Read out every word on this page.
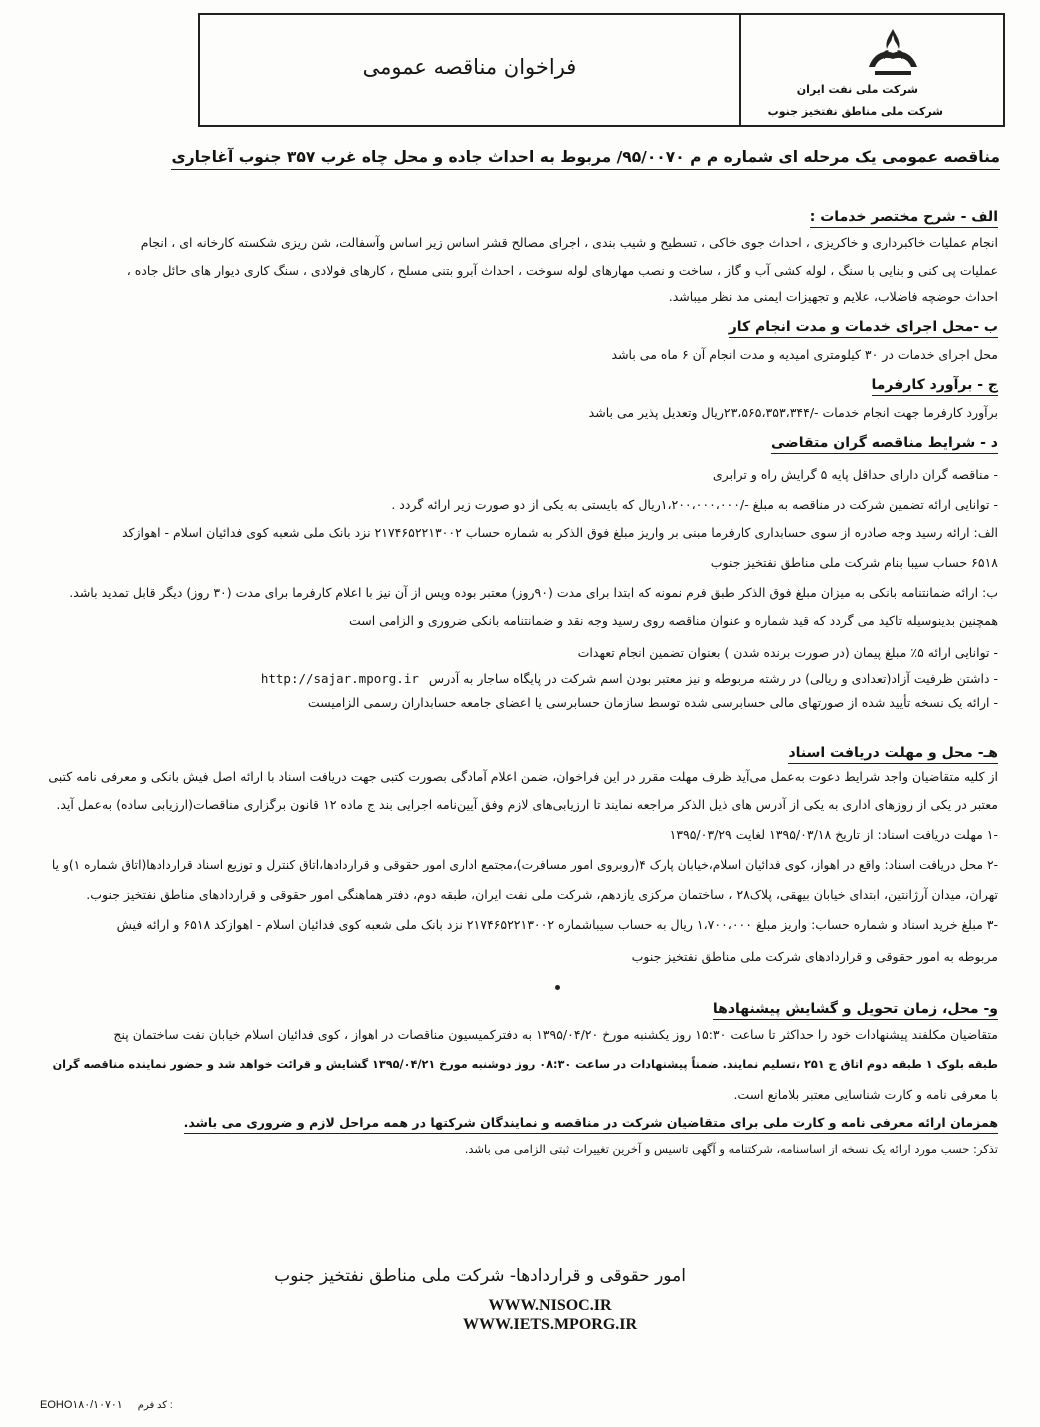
شرکت ملی نفت ایران
شرکت ملی مناطق نفتخیز جنوب
فراخوان مناقصه عمومی
مناقصه عمومی یک مرحله ای شماره م م ۹۵/۰۰۷۰/ مربوط به احداث جاده و محل چاه غرب ۳۵۷ جنوب آغاجاری
الف - شرح مختصر خدمات :
انجام عملیات خاکبرداری و خاکریزی ، احداث جوی خاکی ، تسطیح و شیب بندی ، اجرای مصالح قشر اساس زیر اساس وآسفالت، شن ریزی شکسته کارخانه ای ، انجام
عملیات پی کنی و بنایی با سنگ ، لوله کشی آب و گاز ، ساخت و نصب مهارهای لوله سوخت ، احداث آبرو بتنی مسلح ، کارهای فولادی ، سنگ کاری دیوار های حائل جاده ،
احداث حوضچه فاضلاب، علایم و تجهیزات ایمنی مد نظر میباشد.
ب -محل اجرای خدمات و مدت انجام کار
محل اجرای خدمات در ۳۰ کیلومتری امیدیه و مدت انجام آن ۶ ماه می باشد
ج - برآورد کارفرما
برآورد کارفرما جهت انجام خدمات -/۲۳،۵۶۵،۳۵۳،۳۴۴ریال وتعدیل پذیر می باشد
د - شرایط مناقصه گران متقاضی
- مناقصه گران دارای حداقل پایه ۵ گرایش راه و ترابری
- توانایی ارائه تضمین شرکت در مناقصه به مبلغ -/۱،۲۰۰،۰۰۰،۰۰۰ریال که بایستی به یکی از دو صورت زیر ارائه گردد .
الف: ارائه رسید وجه صادره از سوی حسابداری کارفرما مبنی بر واریز مبلغ فوق الذکر به شماره حساب ۲۱۷۴۶۵۲۲۱۳۰۰۲ نزد بانک ملی شعبه کوی فدائیان اسلام - اهوازکد
۶۵۱۸ حساب سیبا بنام شرکت ملی مناطق نفتخیز جنوب
ب: ارائه ضمانتنامه بانکی به میزان مبلغ فوق الذکر طبق فرم نمونه که ابتدا برای مدت (۹۰روز) معتبر بوده وپس از آن نیز با اعلام کارفرما برای مدت (۳۰ روز) دیگر قابل تمدید باشد.
همچنین بدینوسیله تاکید می گردد که قید شماره و عنوان مناقصه روی رسید وجه نقد و ضمانتنامه بانکی ضروری و الزامی است
- توانایی ارائه ۵٪ مبلغ پیمان (در صورت برنده شدن ) بعنوان تضمین انجام تعهدات
- داشتن ظرفیت آزاد(تعدادی و ریالی) در رشته مربوطه و نیز معتبر بودن اسم شرکت در پایگاه ساجار به آدرس http://sajar.mporg.ir
- ارائه یک نسخه تأیید شده از صورتهای مالی حسابرسی شده توسط سازمان حسابرسی یا اعضای جامعه حسابداران رسمی الزامیست
هـ- محل و مهلت دریافت اسناد
از کلیه متقاضیان واجد شرایط دعوت به‌عمل می‌آید ظرف مهلت مقرر در این فراخوان، ضمن اعلام آمادگی بصورت کتبی جهت دریافت اسناد با ارائه اصل فیش بانکی و معرفی نامه کتبی
معتبر در یکی از روزهای اداری به یکی از آدرس های ذیل الذکر مراجعه نمایند تا ارزیابی‌های لازم وفق آیین‌نامه اجرایی بند ج ماده ۱۲ قانون برگزاری مناقصات(ارزیابی ساده) به‌عمل آید.
-۱ مهلت دریافت اسناد: از تاریخ ۱۳۹۵/۰۳/۱۸ لغایت ۱۳۹۵/۰۳/۲۹
-۲ محل دریافت اسناد: واقع در اهواز، کوی فدائیان اسلام،خیابان پارک ۴(روبروی امور مسافرت)،مجتمع اداری امور حقوقی و قراردادها،اتاق کنترل و توزیع اسناد قراردادها(اتاق شماره ۱)و یا
تهران، میدان آرژانتین، ابتدای خیابان بیهقی، پلاک۲۸ ، ساختمان مرکزی یازدهم، شرکت ملی نفت ایران، طبقه دوم، دفتر هماهنگی امور حقوقی و قراردادهای مناطق نفتخیز جنوب.
-۳ مبلغ خرید اسناد و شماره حساب: واریز مبلغ ۱،۷۰۰،۰۰۰ ریال به حساب سیباشماره ۲۱۷۴۶۵۲۲۱۳۰۰۲ نزد بانک ملی شعبه کوی فدائیان اسلام - اهوازکد ۶۵۱۸ و ارائه فیش
مربوطه به امور حقوقی و قراردادهای شرکت ملی مناطق نفتخیز جنوب
و- محل، زمان تحویل و گشایش پیشنهادها
متقاضیان مکلفند پیشنهادات خود را حداکثر تا ساعت ۱۵:۳۰ روز یکشنبه مورخ ۱۳۹۵/۰۴/۲۰ به دفترکمیسیون مناقصات در اهواز ، کوی فدائیان اسلام خیابان نفت ساختمان پنج
طبقه بلوک ۱ طبقه دوم اتاق ج ۲۵۱ ،تسلیم نمایند. ضمناً پیشنهادات در ساعت ۰۸:۳۰ روز دوشنبه مورخ ۱۳۹۵/۰۴/۲۱ گشایش و قرائت خواهد شد و حضور نماینده مناقصه گران
با معرفی نامه و کارت شناسایی معتبر بلامانع است.
همزمان ارائه معرفی نامه و کارت ملی برای متقاضیان شرکت در مناقصه و نمایندگان شرکتها در همه مراحل لازم و ضروری می باشد.
تذکر: حسب مورد ارائه یک نسخه از اساسنامه، شرکتنامه و آگهی تاسیس و آخرین تغییرات ثبتی الزامی می باشد.
امور حقوقی و قراردادها- شرکت ملی مناطق نفتخیز جنوب
WWW.NISOC.IR
WWW.IETS.MPORG.IR
EOHO۱۸۰/۱۰۷۰۱ کد فرم :
